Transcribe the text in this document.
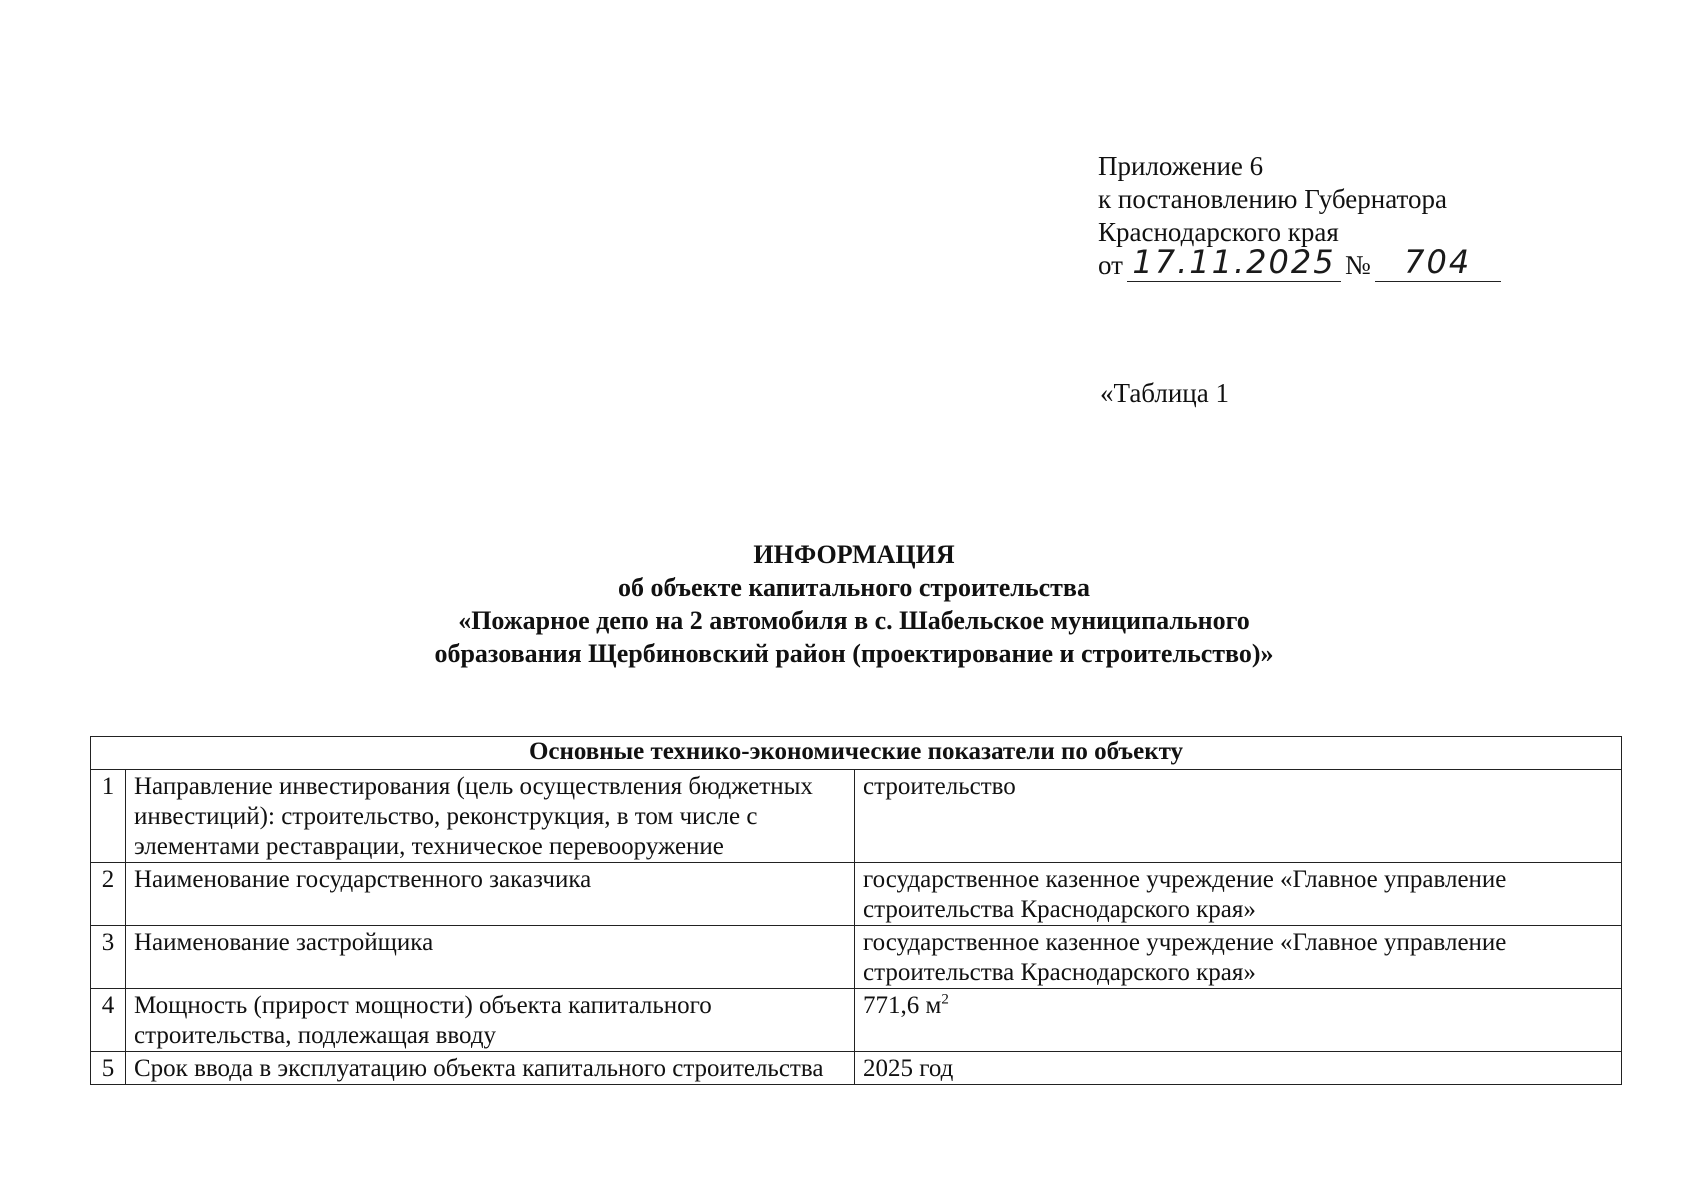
Приложение 6
к постановлению Губернатора
Краснодарского края
от 17.11.2025 №	704
«Таблица 1
ИНФОРМАЦИЯ
об объекте капитального строительства
«Пожарное депо на 2 автомобиля в с. Шабельское муниципального
образования Щербиновский район (проектирование и строительство)»
Основные технико-экономические показатели по объекту		
1	Направление инвестирования (цель осуществления бюджетных инвестиций): строительство, реконструкция, в том числе с элементами реставрации, техническое перевооружение	строительство
2	Наименование государственного заказчика	государственное казенное учреждение «Главное управление строительства Краснодарского края»
3	Наименование застройщика	государственное казенное учреждение «Главное управление строительства Краснодарского края»
4	Мощность (прирост мощности) объекта капитального строительства, подлежащая вводу	771,6 $м^2$
5	Срок ввода в эксплуатацию объекта капитального строительства	2025 год
